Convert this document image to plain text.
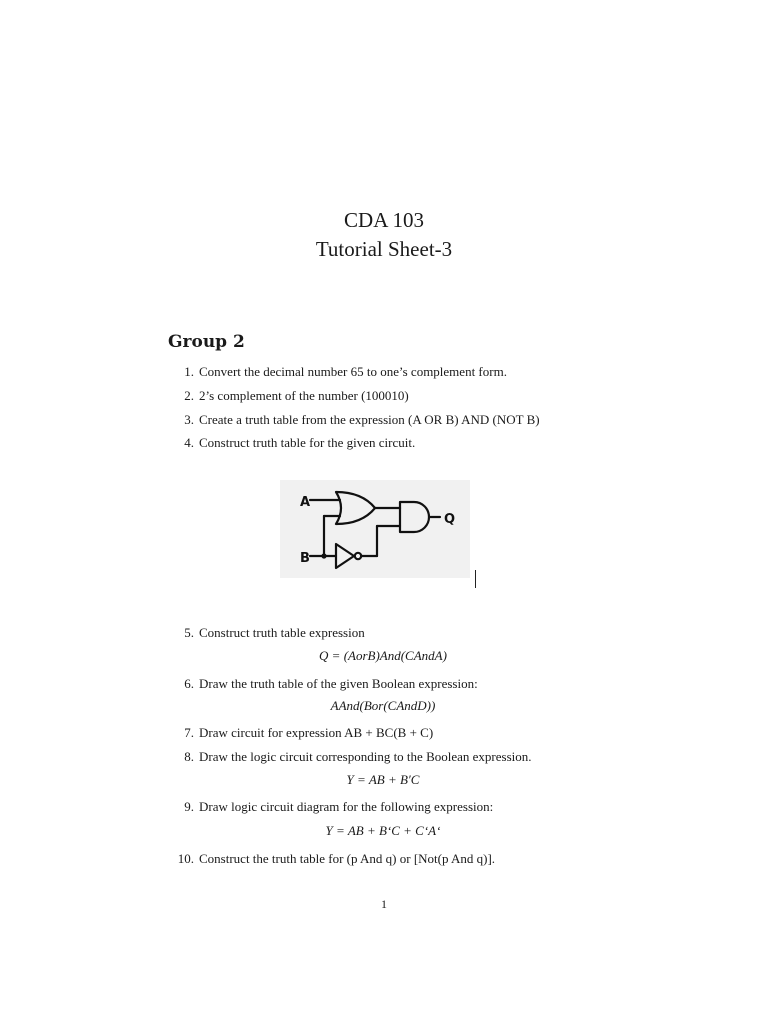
CDA 103
Tutorial Sheet-3
Group 2
1. Convert the decimal number 65 to one’s complement form.
2. 2’s complement of the number (100010)
3. Create a truth table from the expression (A OR B) AND (NOT B)
4. Construct truth table for the given circuit.
A
B
Q
5. Construct truth table expression
Q = (AorB)And(CAndA)
6. Draw the truth table of the given Boolean expression:
AAnd(Bor(CAndD))
7. Draw circuit for expression AB + BC(B + C)
8. Draw the logic circuit corresponding to the Boolean expression.
Y = AB + B′C
9. Draw logic circuit diagram for the following expression:
Y = AB + B‘C + C‘A‘
10. Construct the truth table for (p And q) or [Not(p And q)].
1
